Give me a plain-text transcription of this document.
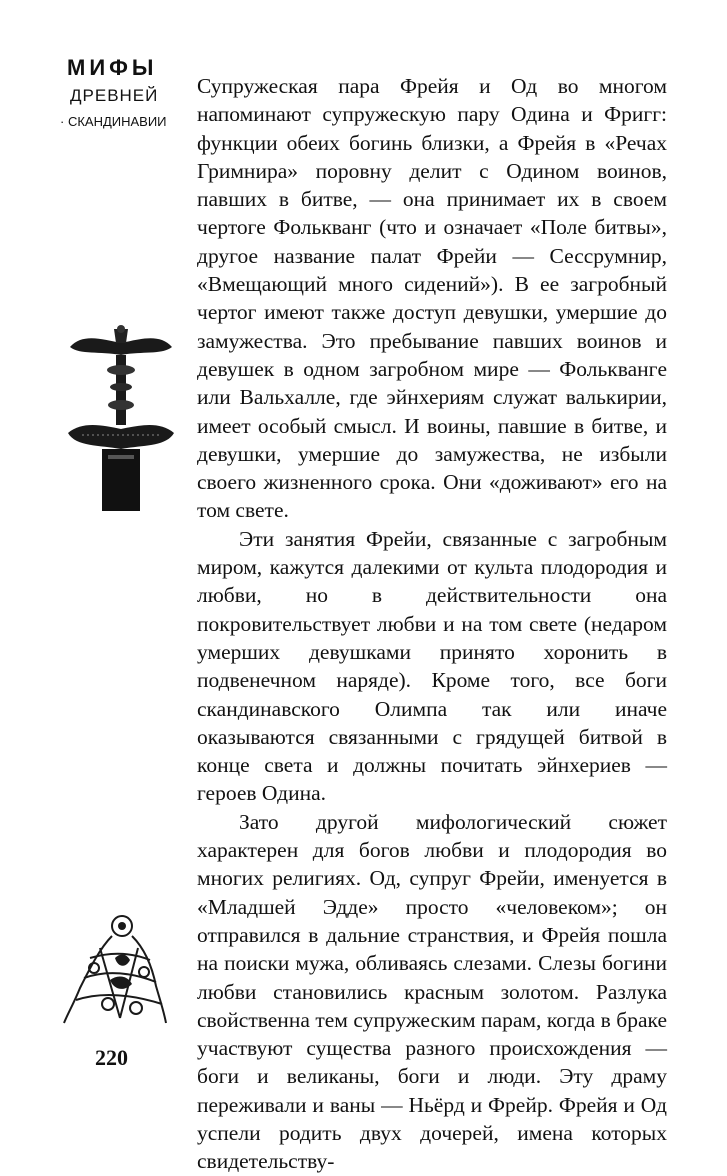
МИФЫ
ДРЕВНЕЙ
· СКАНДИНАВИИ
220

Супружеская пара Фрейя и Од во многом напоминают супружескую пару Одина и Фригг: функции обеих богинь близки, а Фрейя в «Речах Гримнира» поровну делит с Одином воинов, павших в битве, — она принимает их в своем чертоге Фолькванг (что и означает «Поле битвы», другое название палат Фрейи — Сессрумнир, «Вмещающий много сидений»). В ее загробный чертог имеют также доступ девушки, умершие до замужества. Это пребывание павших воинов и девушек в одном загробном мире — Фольквангe или Вальхалле, где эйнхериям служат валькирии, имеет особый смысл. И воины, павшие в битве, и девушки, умершие до замужества, не избыли своего жизненного срока. Они «доживают» его на том свете.

Эти занятия Фрейи, связанные с загробным миром, кажутся далекими от культа плодородия и любви, но в действительности она покровительствует любви и на том свете (недаром умерших девушками принято хоронить в подвенечном наряде). Кроме того, все боги скандинавского Олимпа так или иначе оказываются связанными с грядущей битвой в конце света и должны почитать эйнхериев — героев Одина.

Зато другой мифологический сюжет характерен для богов любви и плодородия во многих религиях. Од, супруг Фрейи, именуется в «Младшей Эдде» просто «человеком»; он отправился в дальние странствия, и Фрейя пошла на поиски мужа, обливаясь слезами. Слезы богини любви становились красным золотом. Разлука свойственна тем супружеским парам, когда в браке участвуют существа разного происхождения — боги и великаны, боги и люди. Эту драму переживали и ваны — Ньёрд и Фрейр. Фрейя и Од успели родить двух дочерей, имена которых свидетельству-
